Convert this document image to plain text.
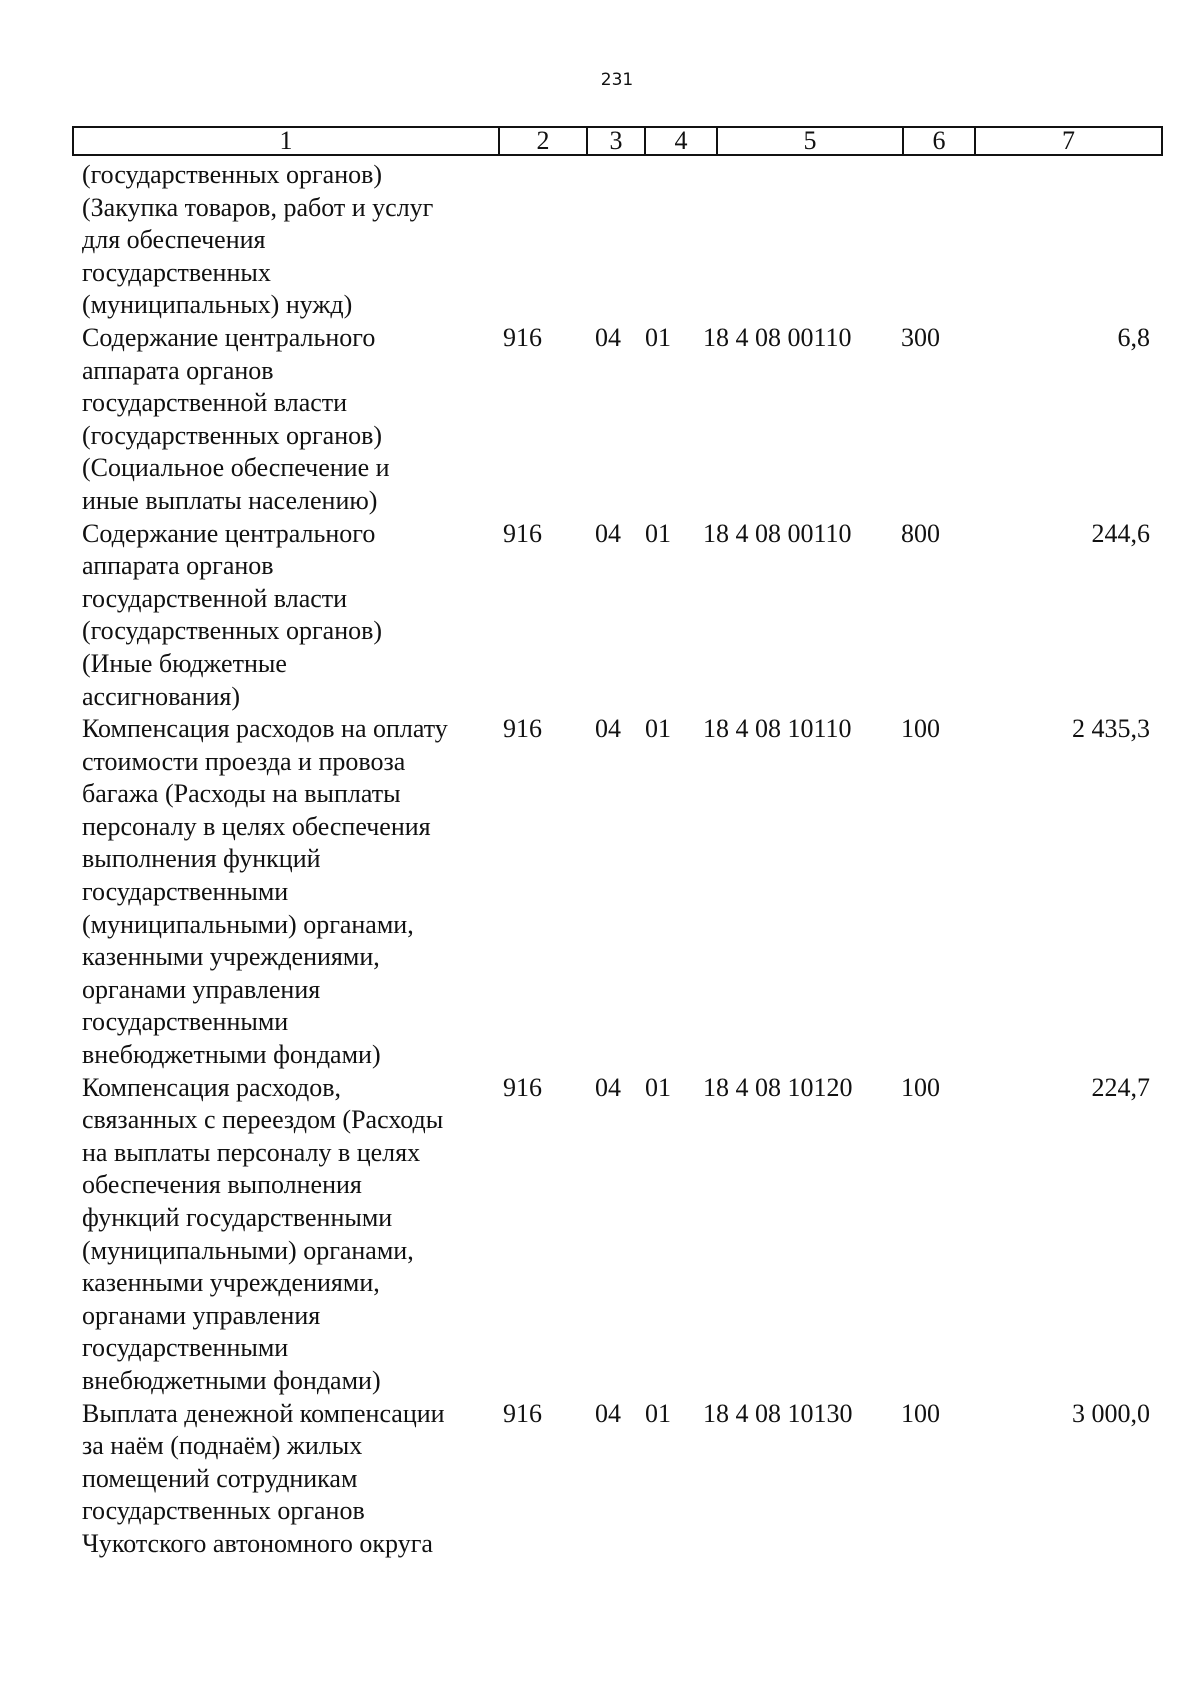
231
1	2	3	4	5	6	7
(государственных органов)
(Закупка товаров, работ и услуг
для обеспечения
государственных
(муниципальных) нужд)
Содержание центрального
аппарата органов
государственной власти
(государственных органов)
(Социальное обеспечение и
иные выплаты населению)
916	04 01	18 4 08 00110	300	6,8
Содержание центрального
аппарата органов
государственной власти
(государственных органов)
(Иные бюджетные
ассигнования)
916	04 01	18 4 08 00110	800	244,6
Компенсация расходов на оплату
стоимости проезда и провоза
багажа (Расходы на выплаты
персоналу в целях обеспечения
выполнения функций
государственными
(муниципальными) органами,
казенными учреждениями,
органами управления
государственными
внебюджетными фондами)
916	04 01	18 4 08 10110	100	2 435,3
Компенсация расходов,
связанных с переездом (Расходы
на выплаты персоналу в целях
обеспечения выполнения
функций государственными
(муниципальными) органами,
казенными учреждениями,
органами управления
государственными
внебюджетными фондами)
916	04 01	18 4 08 10120	100	224,7
Выплата денежной компенсации
за наём (поднаём) жилых
помещений сотрудникам
государственных органов
Чукотского автономного округа
916	04 01	18 4 08 10130	100	3 000,0
